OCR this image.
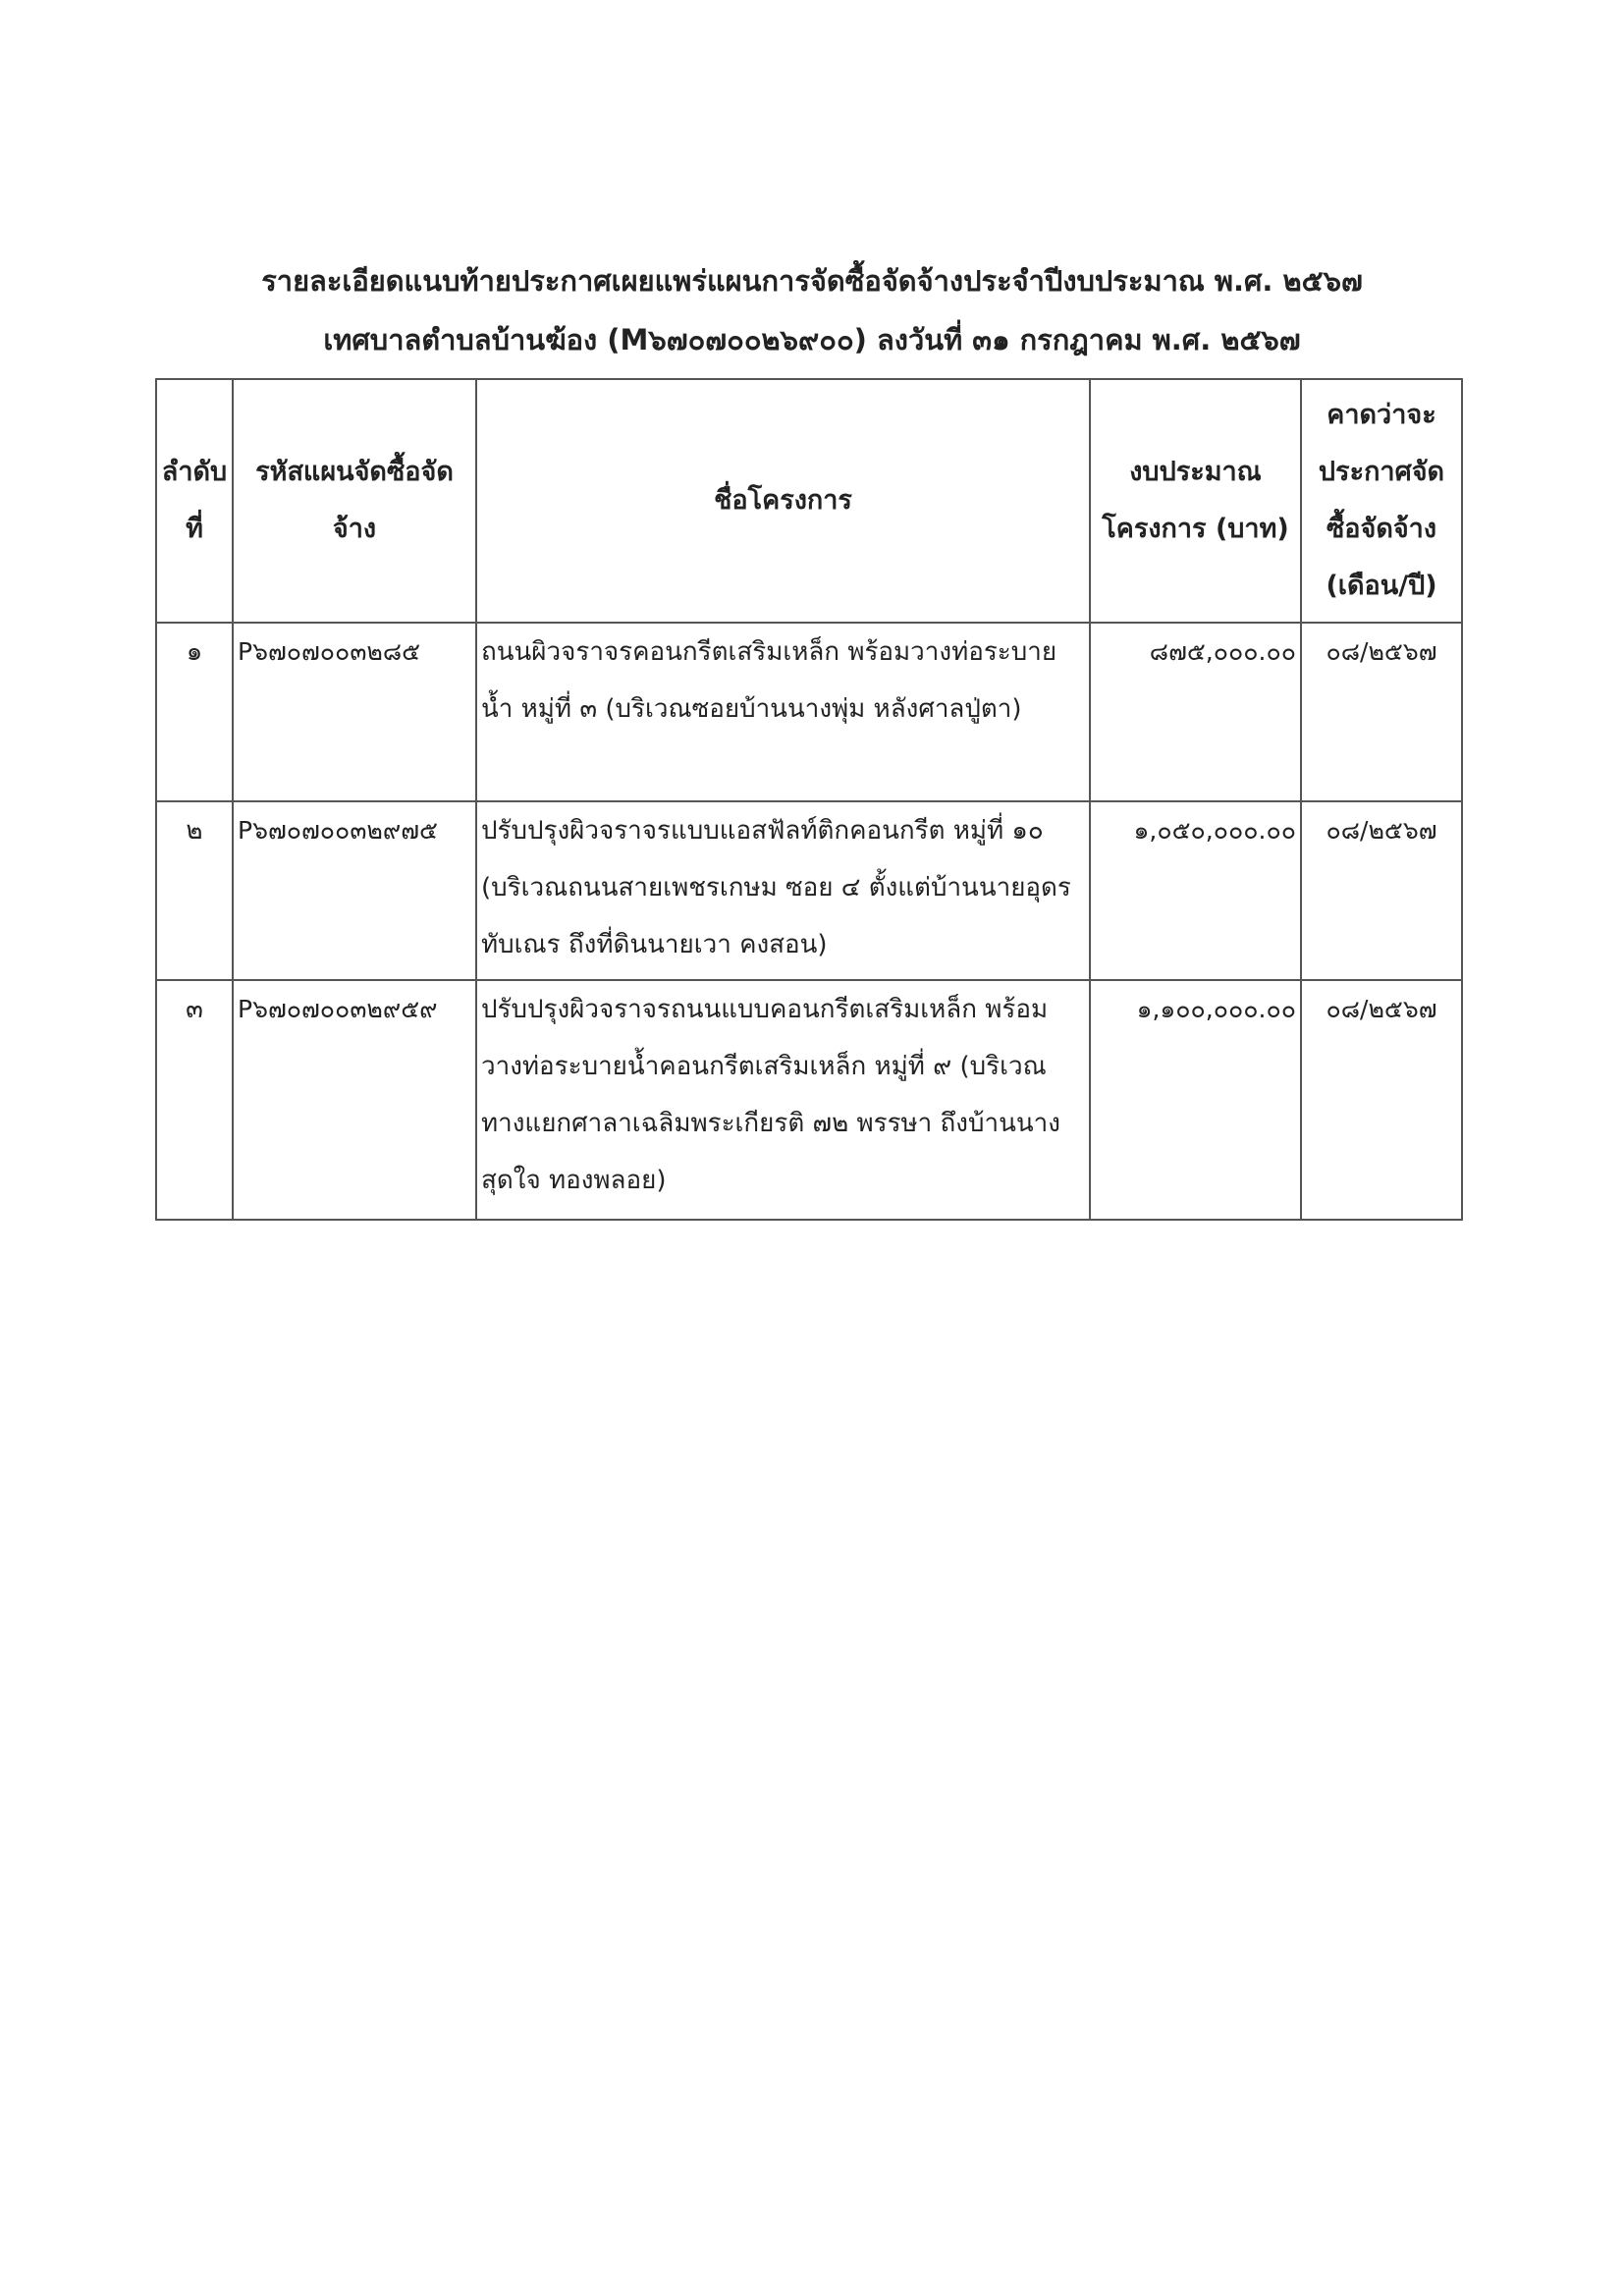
รายละเอียดแนบท้ายประกาศเผยแพร่แผนการจัดซื้อจัดจ้างประจำปีงบประมาณ พ.ศ. ๒๕๖๗
เทศบาลตำบลบ้านฆ้อง (M๖๗๐๗๐๐๒๖๙๐๐) ลงวันที่ ๓๑ กรกฎาคม พ.ศ. ๒๕๖๗
ลำดับที่	รหัสแผนจัดซื้อจัดจ้าง	ชื่อโครงการ	งบประมาณโครงการ (บาท)	คาดว่าจะประกาศจัดซื้อจัดจ้าง (เดือน/ปี)
๑	P๖๗๐๗๐๐๓๒๘๕	ถนนผิวจราจรคอนกรีตเสริมเหล็ก พร้อมวางท่อระบายน้ำ หมู่ที่ ๓ (บริเวณซอยบ้านนางพุ่ม หลังศาลปู่ตา)	๘๗๕,๐๐๐.๐๐	๐๘/๒๕๖๗
๒	P๖๗๐๗๐๐๓๒๙๗๕	ปรับปรุงผิวจราจรแบบแอสฟัลท์ติกคอนกรีต หมู่ที่ ๑๐ (บริเวณถนนสายเพชรเกษม ซอย ๔ ตั้งแต่บ้านนายอุดร ทับเณร ถึงที่ดินนายเวา คงสอน)	๑,๐๕๐,๐๐๐.๐๐	๐๘/๒๕๖๗
๓	P๖๗๐๗๐๐๓๒๙๕๙	ปรับปรุงผิวจราจรถนนแบบคอนกรีตเสริมเหล็ก พร้อมวางท่อระบายน้ำคอนกรีตเสริมเหล็ก หมู่ที่ ๙ (บริเวณทางแยกศาลาเฉลิมพระเกียรติ ๗๒ พรรษา ถึงบ้านนางสุดใจ ทองพลอย)	๑,๑๐๐,๐๐๐.๐๐	๐๘/๒๕๖๗
